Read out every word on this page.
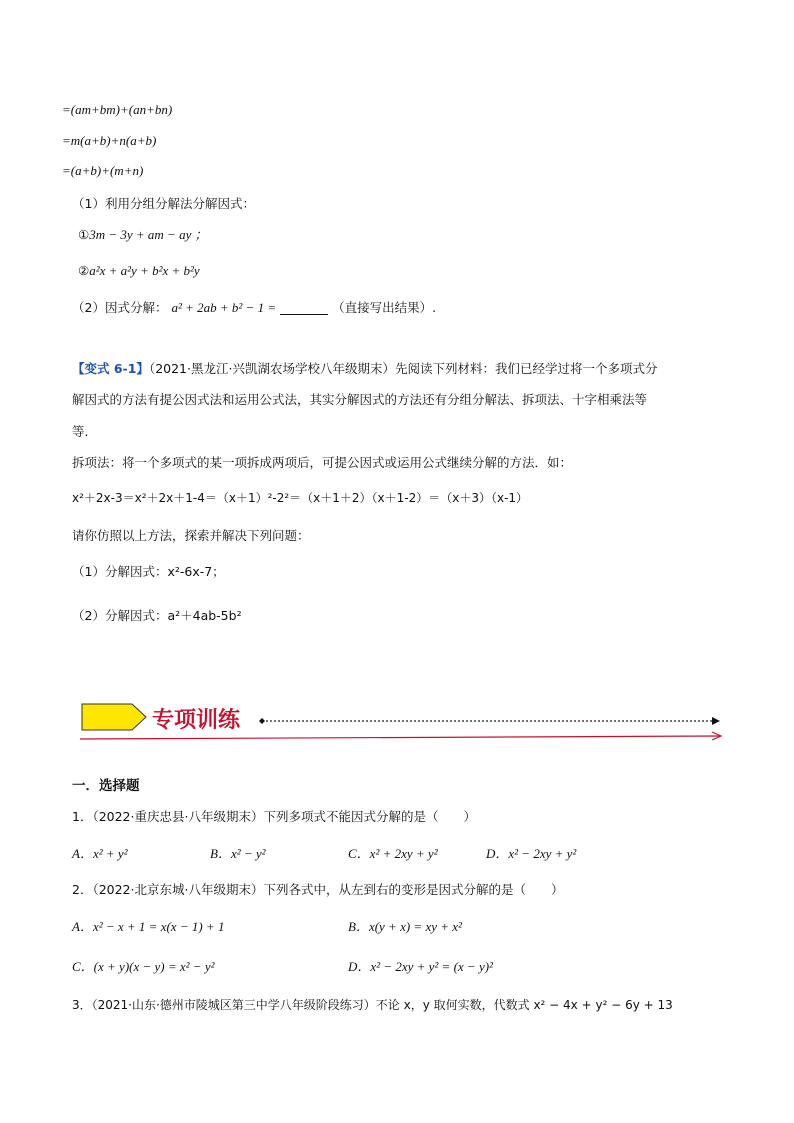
=(am+bm)+(an+bn)
=m(a+b)+n(a+b)
=(a+b)+(m+n)
（1）利用分组分解法分解因式：
①3m − 3y + am − ay ；
②a²x + a²y + b²x + b²y
（2）因式分解： a² + 2ab + b² − 1 =	（直接写出结果）.
【变式 6-1】（2021·黑龙江·兴凯湖农场学校八年级期末）先阅读下列材料：我们已经学过将一个多项式分
解因式的方法有提公因式法和运用公式法，其实分解因式的方法还有分组分解法、拆项法、十字相乘法等
等.
拆项法：将一个多项式的某一项拆成两项后，可提公因式或运用公式继续分解的方法．如：
x²＋2x-3＝x²＋2x＋1-4＝（x＋1）²-2²＝（x＋1＋2）（x＋1-2）＝（x＋3）（x-1）
请你仿照以上方法，探索并解决下列问题：
（1）分解因式：x²-6x-7；
（2）分解因式：a²＋4ab-5b²
专项训练
一．选择题
1．（2022·重庆忠县·八年级期末）下列多项式不能因式分解的是（　　）
A．x² + y²	B．x² − y²	C．x² + 2xy + y²	D．x² − 2xy + y²
2．（2022·北京东城·八年级期末）下列各式中，从左到右的变形是因式分解的是（　　）
A．x² − x + 1 = x(x − 1) + 1	B．x(y + x) = xy + x²
C．(x + y)(x − y) = x² − y²	D．x² − 2xy + y² = (x − y)²
3．（2021·山东·德州市陵城区第三中学八年级阶段练习）不论 x，y 取何实数，代数式 x² − 4x + y² − 6y + 13
